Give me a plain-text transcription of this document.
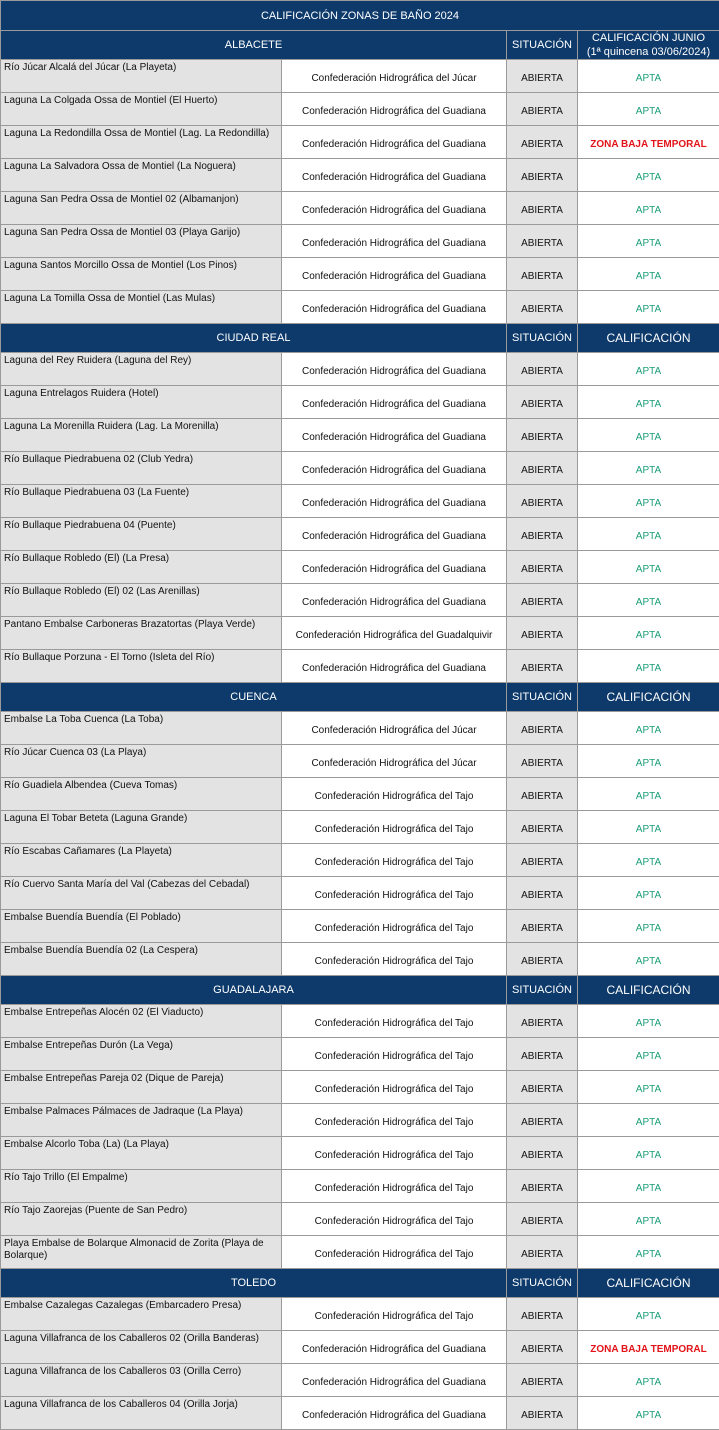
CALIFICACIÓN ZONAS DE BAÑO 2024			
ALBACETE		SITUACIÓN	CALIFICACIÓN JUNIO
(1ª quincena 03/06/2024)

Río Júcar Alcalá del Júcar (La Playeta)	Confederación Hidrográfica del Júcar	ABIERTA	APTA
Laguna La Colgada Ossa de Montiel (El Huerto)	Confederación Hidrográfica del Guadiana	ABIERTA	APTA
Laguna La Redondilla Ossa de Montiel (Lag. La Redondilla)	Confederación Hidrográfica del Guadiana	ABIERTA	ZONA BAJA TEMPORAL
Laguna La Salvadora Ossa de Montiel (La Noguera)	Confederación Hidrográfica del Guadiana	ABIERTA	APTA
Laguna San Pedra Ossa de Montiel 02 (Albamanjon)	Confederación Hidrográfica del Guadiana	ABIERTA	APTA
Laguna San Pedra Ossa de Montiel 03 (Playa Garijo)	Confederación Hidrográfica del Guadiana	ABIERTA	APTA
Laguna Santos Morcillo Ossa de Montiel (Los Pinos)	Confederación Hidrográfica del Guadiana	ABIERTA	APTA
Laguna La Tomilla Ossa de Montiel (Las Mulas)	Confederación Hidrográfica del Guadiana	ABIERTA	APTA
CIUDAD REAL		SITUACIÓN	CALIFICACIÓN
Laguna del Rey Ruidera (Laguna del Rey)	Confederación Hidrográfica del Guadiana	ABIERTA	APTA
Laguna Entrelagos Ruidera (Hotel)	Confederación Hidrográfica del Guadiana	ABIERTA	APTA
Laguna La Morenilla Ruidera (Lag. La Morenilla)	Confederación Hidrográfica del Guadiana	ABIERTA	APTA
Río Bullaque Piedrabuena 02 (Club Yedra)	Confederación Hidrográfica del Guadiana	ABIERTA	APTA
Río Bullaque Piedrabuena 03 (La Fuente)	Confederación Hidrográfica del Guadiana	ABIERTA	APTA
Río Bullaque Piedrabuena 04 (Puente)	Confederación Hidrográfica del Guadiana	ABIERTA	APTA
Río Bullaque Robledo (El) (La Presa)	Confederación Hidrográfica del Guadiana	ABIERTA	APTA
Río Bullaque Robledo (El) 02 (Las Arenillas)	Confederación Hidrográfica del Guadiana	ABIERTA	APTA
Pantano Embalse Carboneras Brazatortas (Playa Verde)	Confederación Hidrográfica del Guadalquivir	ABIERTA	APTA
Río Bullaque Porzuna - El Torno (Isleta del Río)	Confederación Hidrográfica del Guadiana	ABIERTA	APTA
CUENCA		SITUACIÓN	CALIFICACIÓN
Embalse La Toba Cuenca (La Toba)	Confederación Hidrográfica del Júcar	ABIERTA	APTA
Río Júcar Cuenca 03 (La Playa)	Confederación Hidrográfica del Júcar	ABIERTA	APTA
Río Guadiela Albendea (Cueva Tomas)	Confederación Hidrográfica del Tajo	ABIERTA	APTA
Laguna El Tobar Beteta (Laguna Grande)	Confederación Hidrográfica del Tajo	ABIERTA	APTA
Río Escabas Cañamares (La Playeta)	Confederación Hidrográfica del Tajo	ABIERTA	APTA
Río Cuervo Santa María del Val (Cabezas del Cebadal)	Confederación Hidrográfica del Tajo	ABIERTA	APTA
Embalse Buendía Buendía (El Poblado)	Confederación Hidrográfica del Tajo	ABIERTA	APTA
Embalse Buendía Buendía 02 (La Cespera)	Confederación Hidrográfica del Tajo	ABIERTA	APTA
GUADALAJARA		SITUACIÓN	CALIFICACIÓN
Embalse Entrepeñas Alocén 02 (El Viaducto)	Confederación Hidrográfica del Tajo	ABIERTA	APTA
Embalse Entrepeñas Durón (La Vega)	Confederación Hidrográfica del Tajo	ABIERTA	APTA
Embalse Entrepeñas Pareja 02 (Dique de Pareja)	Confederación Hidrográfica del Tajo	ABIERTA	APTA
Embalse Palmaces Pálmaces de Jadraque (La Playa)	Confederación Hidrográfica del Tajo	ABIERTA	APTA
Embalse Alcorlo Toba (La) (La Playa)	Confederación Hidrográfica del Tajo	ABIERTA	APTA
Río Tajo Trillo (El Empalme)	Confederación Hidrográfica del Tajo	ABIERTA	APTA
Río Tajo Zaorejas (Puente de San Pedro)	Confederación Hidrográfica del Tajo	ABIERTA	APTA
Playa Embalse de Bolarque Almonacid de Zorita (Playa de Bolarque)	Confederación Hidrográfica del Tajo	ABIERTA	APTA
TOLEDO		SITUACIÓN	CALIFICACIÓN
Embalse Cazalegas Cazalegas (Embarcadero Presa)	Confederación Hidrográfica del Tajo	ABIERTA	APTA
Laguna Villafranca de los Caballeros 02 (Orilla Banderas)	Confederación Hidrográfica del Guadiana	ABIERTA	ZONA BAJA TEMPORAL
Laguna Villafranca de los Caballeros 03 (Orilla Cerro)	Confederación Hidrográfica del Guadiana	ABIERTA	APTA
Laguna Villafranca de los Caballeros 04 (Orilla Jorja)	Confederación Hidrográfica del Guadiana	ABIERTA	APTA
